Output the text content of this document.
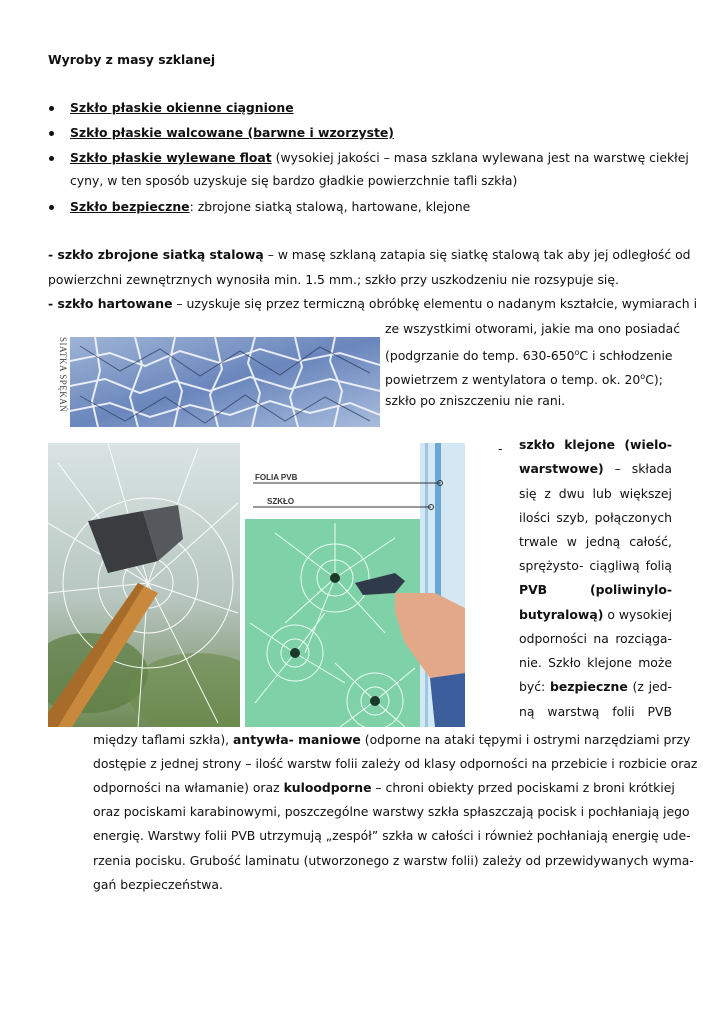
Wyroby z masy szklanej
Szkło płaskie okienne ciągnione
Szkło płaskie walcowane (barwne i wzorzyste)
Szkło płaskie wylewane float (wysokiej jakości – masa szklana wylewana jest na warstwę ciekłej
cyny, w ten sposób uzyskuje się bardzo gładkie powierzchnie tafli szkła)
Szkło bezpieczne: zbrojone siatką stalową, hartowane, klejone
- szkło zbrojone siatką stalową – w masę szklaną zatapia się siatkę stalową tak aby jej odległość od
powierzchni zewnętrznych wynosiła min. 1.5 mm.; szkło przy uszkodzeniu nie rozsypuje się.
- szkło hartowane – uzyskuje się przez termiczną obróbkę elementu o nadanym kształcie, wymiarach i
ze wszystkimi otworami, jakie ma ono posiadać
(podgrzanie do temp. 630-650$^o$C i schłodzenie
powietrzem z wentylatora o temp. ok. 20$^o$C);
szkło po zniszczeniu nie rani.
SIATKA SPĘKAŃ
FOLIA PVB
SZKŁO
- szkło klejone (wielo-
warstwowe) – składa
się z dwu lub większej
ilości szyb, połączonych
trwale w jedną całość,
sprężysto- ciągliwą folią
PVB (poliwinylo-
butyralową) o wysokiej
odporności na rozciąga-
nie. Szkło klejone może
być: bezpieczne (z jed-
ną warstwą folii PVB
między taflami szkła), antywła- maniowe (odporne na ataki tępymi i ostrymi narzędziami przy
dostępie z jednej strony – ilość warstw folii zależy od klasy odporności na przebicie i rozbicie oraz
odporności na włamanie) oraz kuloodporne – chroni obiekty przed pociskami z broni krótkiej
oraz pociskami karabinowymi, poszczególne warstwy szkła spłaszczają pocisk i pochłaniają jego
energię. Warstwy folii PVB utrzymują „zespół” szkła w całości i również pochłaniają energię ude-
rzenia pocisku. Grubość laminatu (utworzonego z warstw folii) zależy od przewidywanych wyma-
gań bezpieczeństwa.
